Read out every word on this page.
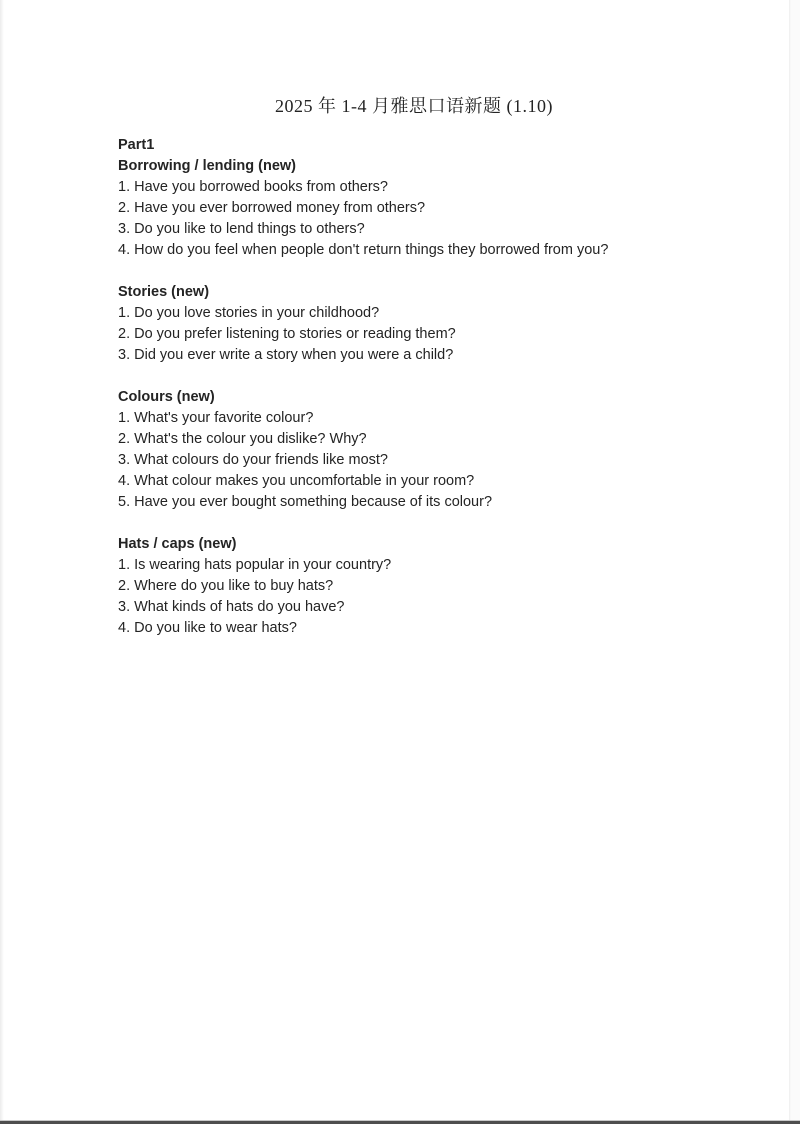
2025 年 1-4 月雅思口语新题 (1.10)

Part1

Borrowing / lending (new)

1. Have you borrowed books from others?

2. Have you ever borrowed money from others?

3. Do you like to lend things to others?

4. How do you feel when people don't return things they borrowed from you?

Stories (new)

1. Do you love stories in your childhood?

2. Do you prefer listening to stories or reading them?

3. Did you ever write a story when you were a child?

Colours (new)

1. What's your favorite colour?

2. What's the colour you dislike? Why?

3. What colours do your friends like most?

4. What colour makes you uncomfortable in your room?

5. Have you ever bought something because of its colour?

Hats / caps (new)

1. Is wearing hats popular in your country?

2. Where do you like to buy hats?

3. What kinds of hats do you have?

4. Do you like to wear hats?
